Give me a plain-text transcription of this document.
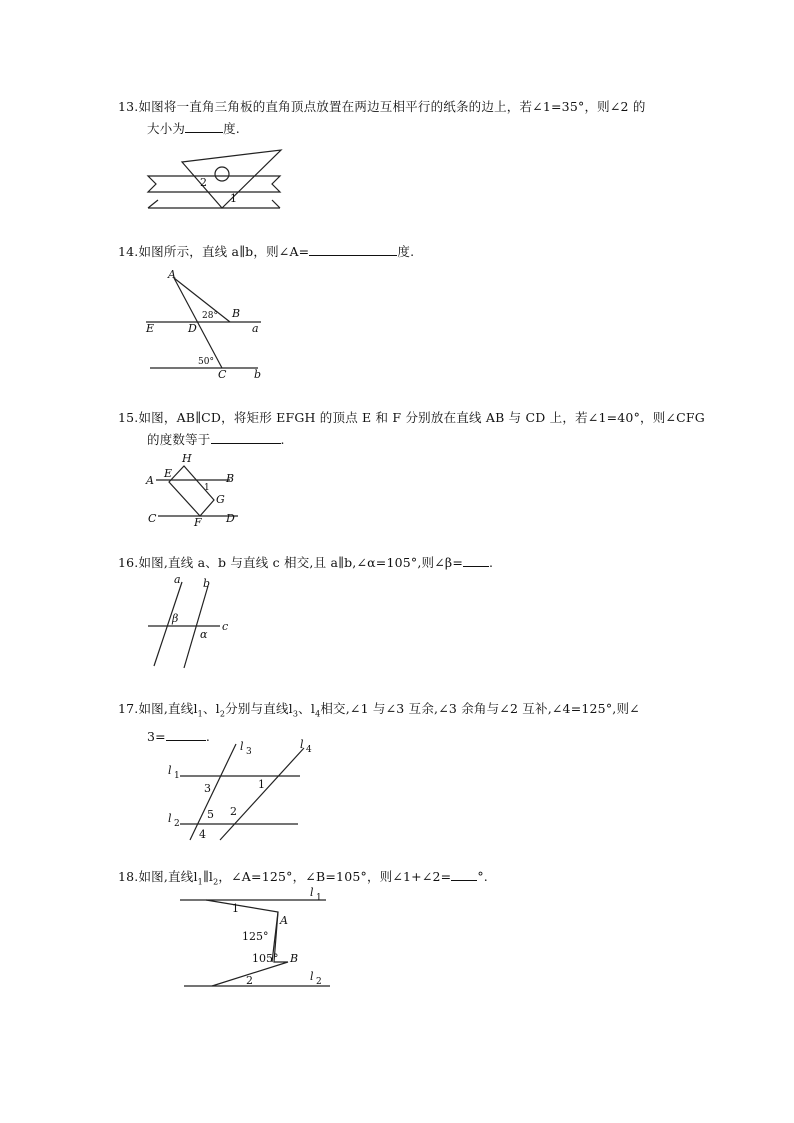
13.如图将一直角三角板的直角顶点放置在两边互相平行的纸条的边上，若∠1=35°，则∠2 的
大小为	度.
2
1
14.如图所示，直线 a∥b，则∠A=	度.
A
28° B
E	D	a
50°
C	b
15.如图，AB∥CD，将矩形 EFGH 的顶点 E 和 F 分别放在直线 AB 与 CD 上，若∠1=40°，则∠CFG
的度数等于	.
H
E
A	B
1
G
C	F D
16.如图,直线 a、b 与直线 c 相交,且 a∥b,∠α=105°,则∠β= .
a b
β
c
α
17.如图,直线$l_1$、$l_2$分别与直线$l_3$、$l_4$相交,∠1 与∠3 互余,∠3 余角与∠2 互补,∠4=125°,则∠
3=	.
l 3
l 4
l 1
3	1
2
l 2
5
4
18.如图,直线$l_1\parallel l_2$，∠A=125°，∠B=105°，则∠1+∠2= °.
l 1
1
A
125°
105° B
l 2
2
